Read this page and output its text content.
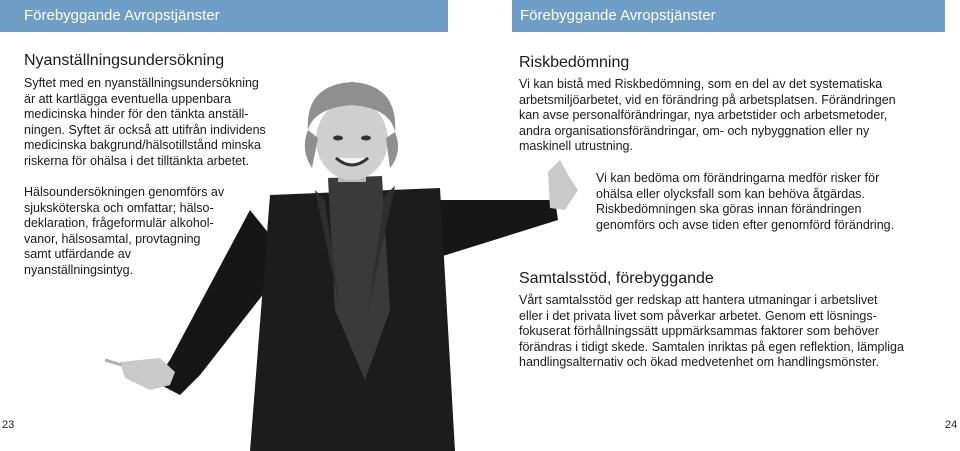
Förebyggande Avropstjänster
Nyanställningsundersökning

Syftet med en nyanställningsundersökning
är att kartlägga eventuella uppenbara
medicinska hinder för den tänkta anställ-
ningen. Syftet är också att utifrån individens
medicinska bakgrund/hälsotillstånd minska
riskerna för ohälsa i det tilltänkta arbetet.

Hälsoundersökningen genomförs av
sjuksköterska och omfattar; hälso-
deklaration, frågeformulär alkohol-
vanor, hälsosamtal, provtagning
samt utfärdande av
nyanställningsintyg.

23
Förebyggande Avropstjänster
Riskbedömning

Vi kan bistå med Riskbedömning, som en del av det systematiska
arbetsmiljöarbetet, vid en förändring på arbetsplatsen. Förändringen
kan avse personalförändringar, nya arbetstider och arbetsmetoder,
andra organisationsförändringar, om- och nybyggnation eller ny
maskinell utrustning.

Vi kan bedöma om förändringarna medför risker för
ohälsa eller olycksfall som kan behöva åtgärdas.
Riskbedömningen ska göras innan förändringen
genomförs och avse tiden efter genomförd förändring.

Samtalsstöd, förebyggande

Vårt samtalsstöd ger redskap att hantera utmaningar i arbetslivet
eller i det privata livet som påverkar arbetet. Genom ett lösnings-
fokuserat förhållningssätt uppmärksammas faktorer som behöver
förändras i tidigt skede. Samtalen inriktas på egen reflektion, lämpliga
handlingsalternativ och ökad medvetenhet om handlingsmönster.

24
